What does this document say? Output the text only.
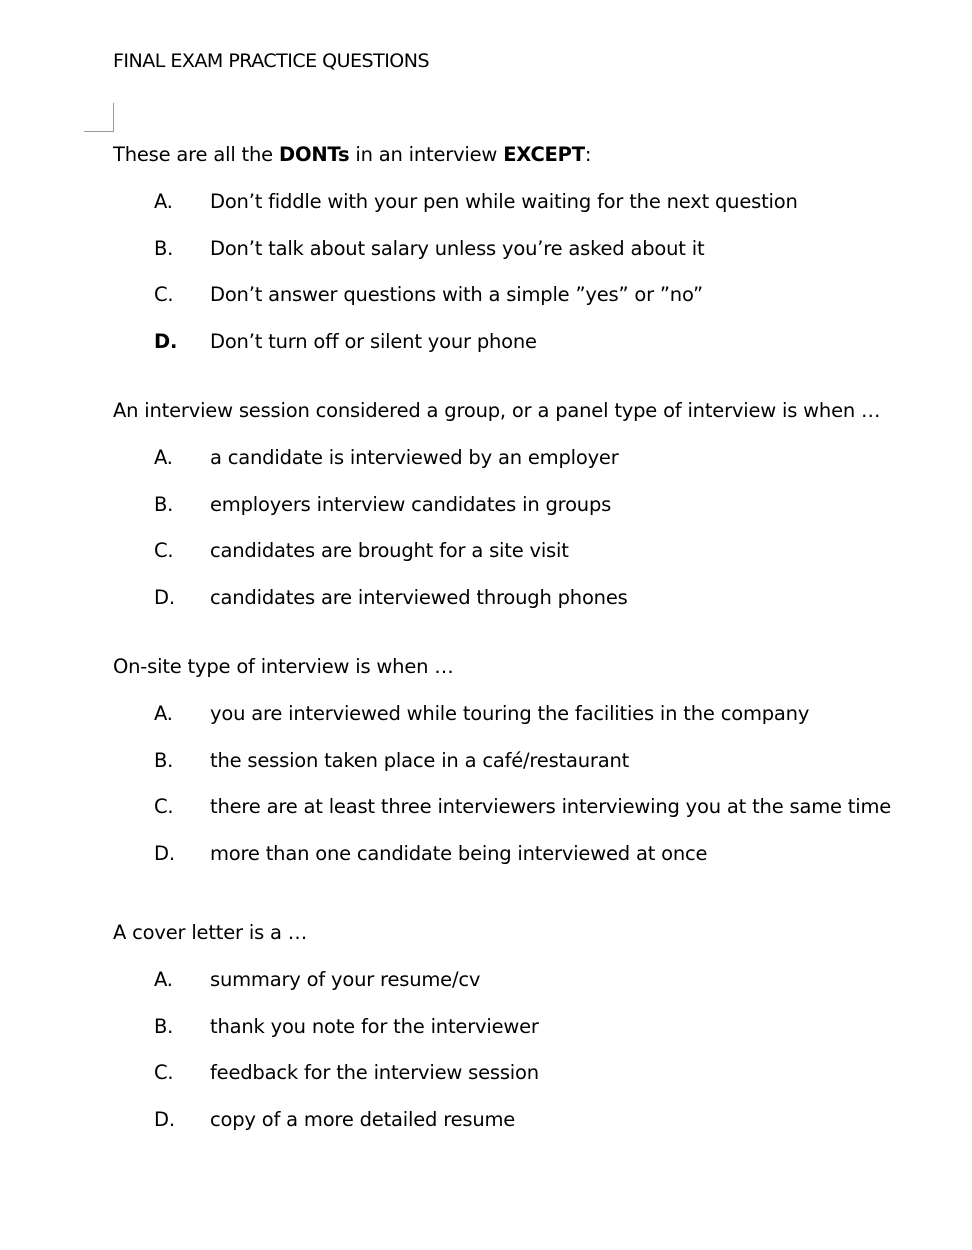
FINAL EXAM PRACTICE QUESTIONS
These are all the DONTs in an interview EXCEPT:
A. Don’t fiddle with your pen while waiting for the next question
B. Don’t talk about salary unless you’re asked about it
C. Don’t answer questions with a simple ”yes” or ”no”
D. Don’t turn off or silent your phone
An interview session considered a group, or a panel type of interview is when …
A. a candidate is interviewed by an employer
B. employers interview candidates in groups
C. candidates are brought for a site visit
D. candidates are interviewed through phones
On-site type of interview is when …
A. you are interviewed while touring the facilities in the company
B. the session taken place in a café/restaurant
C. there are at least three interviewers interviewing you at the same time
D. more than one candidate being interviewed at once
A cover letter is a …
A. summary of your resume/cv
B. thank you note for the interviewer
C. feedback for the interview session
D. copy of a more detailed resume
